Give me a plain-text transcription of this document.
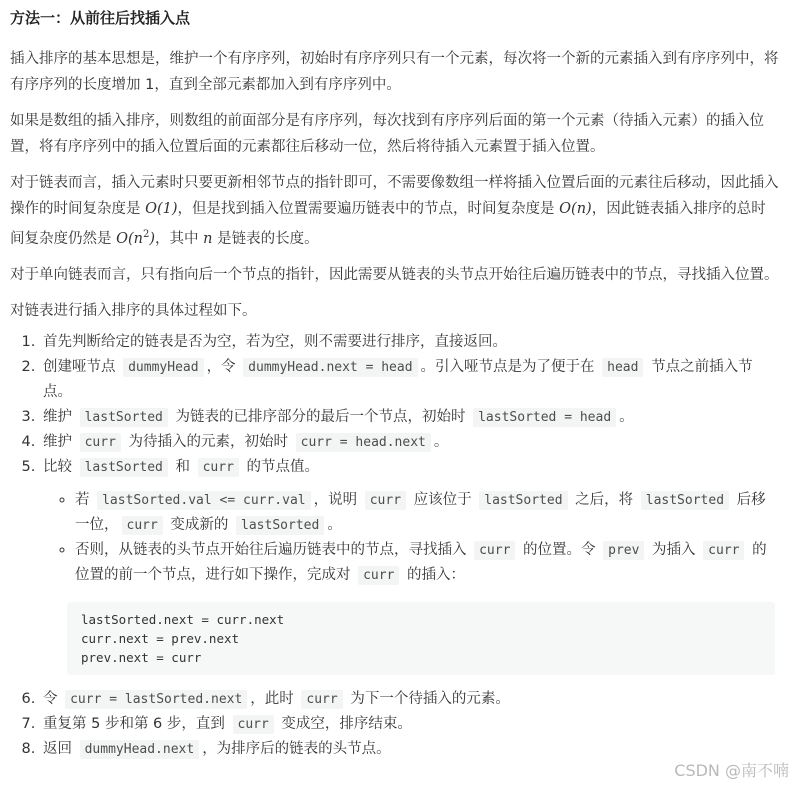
方法一：从前往后找插入点

插入排序的基本思想是，维护一个有序序列，初始时有序序列只有一个元素，每次将一个新的元素插入到有序序列中，将有序序列的长度增加 1，直到全部元素都加入到有序序列中。

如果是数组的插入排序，则数组的前面部分是有序序列，每次找到有序序列后面的第一个元素（待插入元素）的插入位置，将有序序列中的插入位置后面的元素都往后移动一位，然后将待插入元素置于插入位置。

对于链表而言，插入元素时只要更新相邻节点的指针即可，不需要像数组一样将插入位置后面的元素往后移动，因此插入操作的时间复杂度是 O(1)，但是找到插入位置需要遍历链表中的节点，时间复杂度是 O(n)，因此链表插入排序的总时间复杂度仍然是 $O(n^2)$，其中 n 是链表的长度。

对于单向链表而言，只有指向后一个节点的指针，因此需要从链表的头节点开始往后遍历链表中的节点，寻找插入位置。

对链表进行插入排序的具体过程如下。

1. 首先判断给定的链表是否为空，若为空，则不需要进行排序，直接返回。
2. 创建哑节点 dummyHead ，令 dummyHead.next = head 。引入哑节点是为了便于在 head 节点之前插入节点。
3. 维护 lastSorted 为链表的已排序部分的最后一个节点，初始时 lastSorted = head 。
4. 维护 curr 为待插入的元素，初始时 curr = head.next 。
5. 比较 lastSorted 和 curr 的节点值。
◦ 若 lastSorted.val <= curr.val ，说明 curr 应该位于 lastSorted 之后，将 lastSorted 后移一位， curr 变成新的 lastSorted 。
◦ 否则，从链表的头节点开始往后遍历链表中的节点，寻找插入 curr 的位置。令 prev 为插入 curr 的位置的前一个节点，进行如下操作，完成对 curr 的插入：
lastSorted.next = curr.next
curr.next = prev.next
prev.next = curr
6. 令 curr = lastSorted.next ，此时 curr 为下一个待插入的元素。
7. 重复第 5 步和第 6 步，直到 curr 变成空，排序结束。
8. 返回 dummyHead.next ，为排序后的链表的头节点。
CSDN @南不喃
